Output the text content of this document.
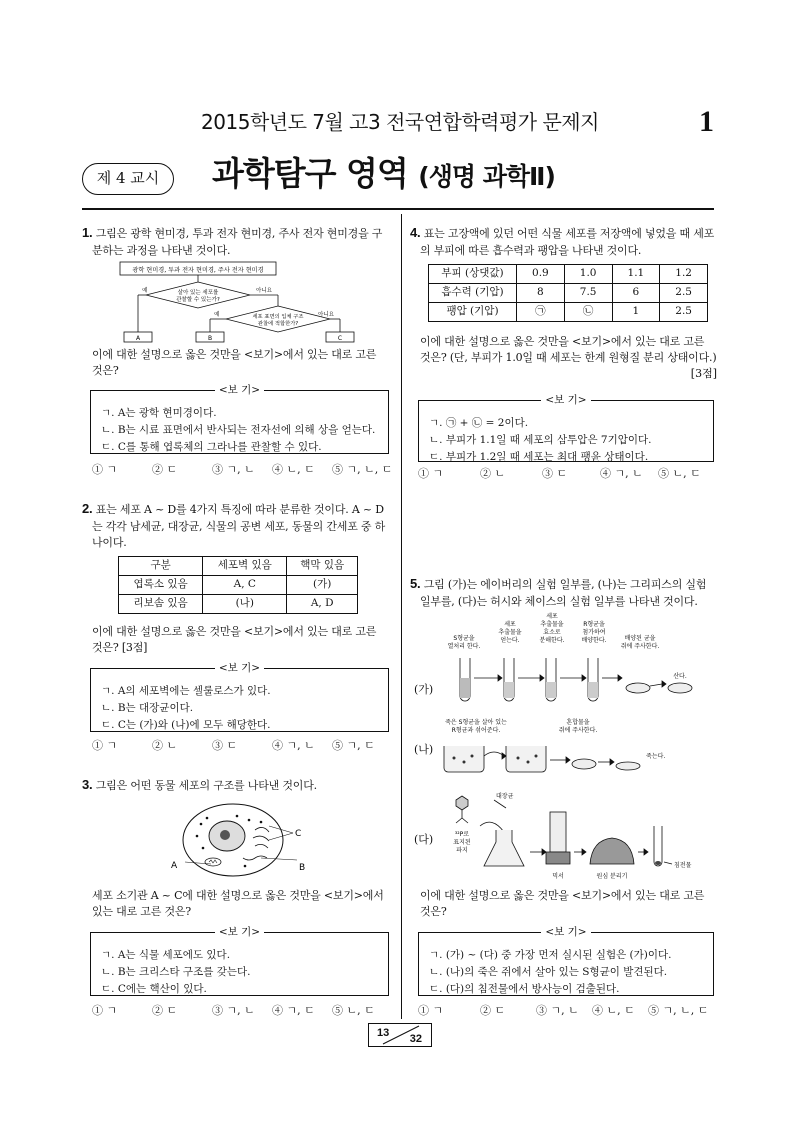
2015학년도 7월 고3 전국연합학력평가 문제지	1
제 4 교시	과학탐구 영역 (생명 과학Ⅱ)
1. 그림은 광학 현미경, 투과 전자 현미경, 주사 전자 현미경을 구분하는 과정을 나타낸 것이다.
광학 현미경, 투과 전자 현미경, 주사 전자 현미경
살아 있는 세포를
관찰할 수 있는가?
예	아니요
세포 표면의 입체 구조
관찰에 적합한가?
예	아니요
A	B	C

이에 대한 설명으로 옳은 것만을 <보기>에서 있는 대로 고른 것은?

<보 기>
ㄱ. A는 광학 현미경이다.
ㄴ. B는 시료 표면에서 반사되는 전자선에 의해 상을 얻는다.
ㄷ. C를 통해 엽록체의 그라나를 관찰할 수 있다.
① ㄱ	② ㄷ	③ ㄱ, ㄴ ④ ㄴ, ㄷ ⑤ ㄱ, ㄴ, ㄷ
2. 표는 세포 A ~ D를 4가지 특징에 따라 분류한 것이다. A ~ D는 각각 남세균, 대장균, 식물의 공변 세포, 동물의 간세포 중 하나이다.
구분	세포벽 있음	핵막 있음
엽록소 있음	A, C	(가)
리보솜 있음	(나)	A, D

이에 대한 설명으로 옳은 것만을 <보기>에서 있는 대로 고른 것은? [3점]

<보 기>
ㄱ. A의 세포벽에는 셀룰로스가 있다.
ㄴ. B는 대장균이다.
ㄷ. C는 (가)와 (나)에 모두 해당한다.
① ㄱ	② ㄴ	③ ㄷ	④ ㄱ, ㄴ ⑤ ㄱ, ㄷ
3. 그림은 어떤 동물 세포의 구조를 나타낸 것이다.
C
B
A

세포 소기관 A ~ C에 대한 설명으로 옳은 것만을 <보기>에서 있는 대로 고른 것은?

<보 기>
ㄱ. A는 식물 세포에도 있다.
ㄴ. B는 크리스타 구조를 갖는다.
ㄷ. C에는 핵산이 있다.
① ㄱ	② ㄷ	③ ㄱ, ㄴ ④ ㄱ, ㄷ ⑤ ㄴ, ㄷ
4. 표는 고장액에 있던 어떤 식물 세포를 저장액에 넣었을 때 세포의 부피에 따른 흡수력과 팽압을 나타낸 것이다.
부피 (상댓값)	0.9	1.0	1.1	1.2
흡수력 (기압)	8	7.5	6	2.5
팽압 (기압)	㉠	㉡	1	2.5

이에 대한 설명으로 옳은 것만을 <보기>에서 있는 대로 고른 것은? (단, 부피가 1.0일 때 세포는 한계 원형질 분리 상태이다.)

[3점]
<보 기>
ㄱ. ㉠ + ㉡ = 2이다.
ㄴ. 부피가 1.1일 때 세포의 삼투압은 7기압이다.
ㄷ. 부피가 1.2일 때 세포는 최대 팽윤 상태이다.
① ㄱ	② ㄴ	③ ㄷ	④ ㄱ, ㄴ ⑤ ㄴ, ㄷ
5. 그림 (가)는 에이버리의 실험 일부를, (나)는 그리피스의 실험 일부를, (다)는 허시와 체이스의 실험 일부를 나타낸 것이다.
(가)
S형균을 열처리 한다.
세포 추출물을 얻는다.
세포 추출물을 효소로 분해한다.
R형균을 첨가하여 배양한다.	배양된 균을 쥐에 주사한다.
산다.
(나)
죽은 S형균을 살아 있는 R형균과 섞어준다.
혼합물을 쥐에 주사한다.
죽는다.
(다)
대장균
³²P로 표지된 파지
믹서	원심 분리기
침전물

이에 대한 설명으로 옳은 것만을 <보기>에서 있는 대로 고른 것은?

<보 기>
ㄱ. (가) ~ (다) 중 가장 먼저 실시된 실험은 (가)이다.
ㄴ. (나)의 죽은 쥐에서 살아 있는 S형균이 발견된다.
ㄷ. (다)의 침전물에서 방사능이 검출된다.
① ㄱ	② ㄷ	③ ㄱ, ㄴ ④ ㄴ, ㄷ ⑤ ㄱ, ㄴ, ㄷ
13 32
